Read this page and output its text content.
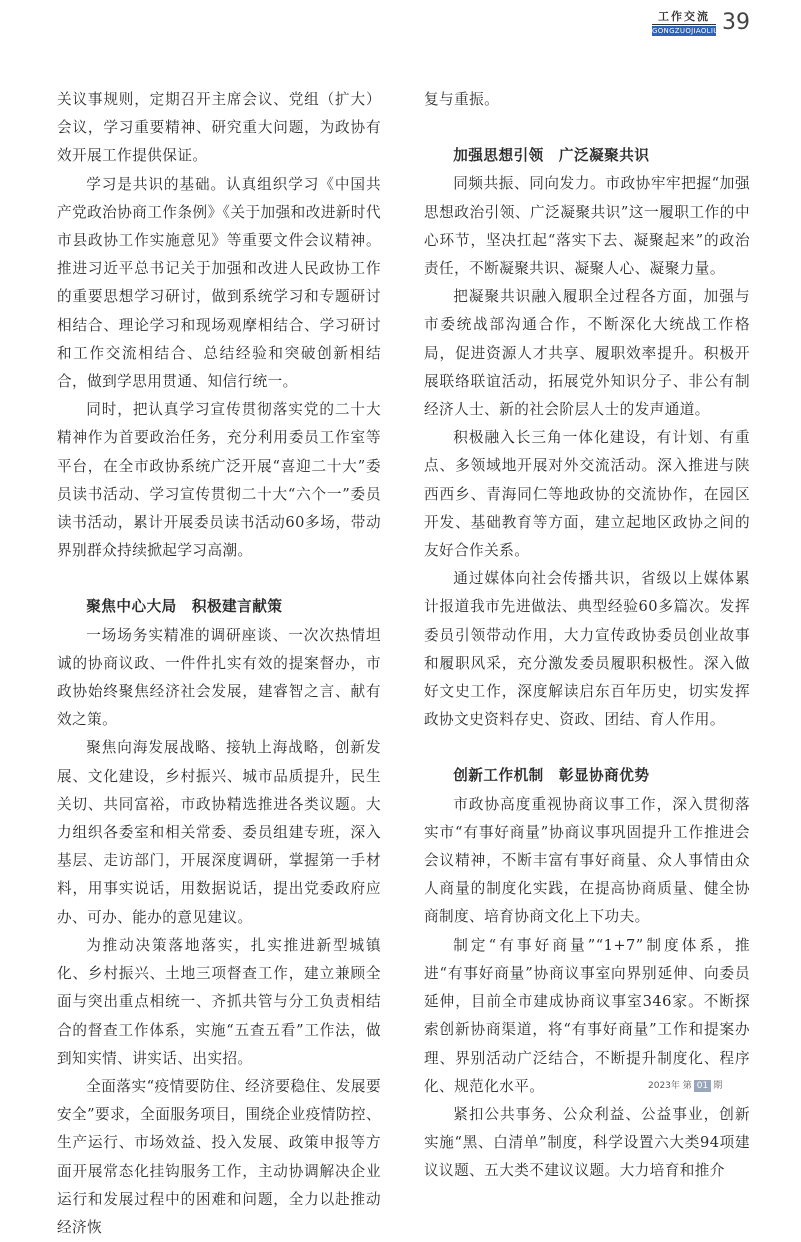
工作交流
GONGZUOJIAOLIU 39

关议事规则，定期召开主席会议、党组（扩大）会议，学习重要精神、研究重大问题，为政协有效开展工作提供保证。

学习是共识的基础。认真组织学习《中国共产党政治协商工作条例》《关于加强和改进新时代市县政协工作实施意见》等重要文件会议精神。推进习近平总书记关于加强和改进人民政协工作的重要思想学习研讨，做到系统学习和专题研讨相结合、理论学习和现场观摩相结合、学习研讨和工作交流相结合、总结经验和突破创新相结合，做到学思用贯通、知信行统一。

同时，把认真学习宣传贯彻落实党的二十大精神作为首要政治任务，充分利用委员工作室等平台，在全市政协系统广泛开展“喜迎二十大”委员读书活动、学习宣传贯彻二十大“六个一”委员读书活动，累计开展委员读书活动60多场，带动界别群众持续掀起学习高潮。

聚焦中心大局　积极建言献策

一场场务实精准的调研座谈、一次次热情坦诚的协商议政、一件件扎实有效的提案督办，市政协始终聚焦经济社会发展，建睿智之言、献有效之策。

聚焦向海发展战略、接轨上海战略，创新发展、文化建设，乡村振兴、城市品质提升，民生关切、共同富裕，市政协精选推进各类议题。大力组织各委室和相关常委、委员组建专班，深入基层、走访部门，开展深度调研，掌握第一手材料，用事实说话，用数据说话，提出党委政府应办、可办、能办的意见建议。

为推动决策落地落实，扎实推进新型城镇化、乡村振兴、土地三项督查工作，建立兼顾全面与突出重点相统一、齐抓共管与分工负责相结合的督查工作体系，实施“五查五看”工作法，做到知实情、讲实话、出实招。

全面落实“疫情要防住、经济要稳住、发展要安全”要求，全面服务项目，围绕企业疫情防控、生产运行、市场效益、投入发展、政策申报等方面开展常态化挂钩服务工作，主动协调解决企业运行和发展过程中的困难和问题，全力以赴推动经济恢

复与重振。

加强思想引领　广泛凝聚共识

同频共振、同向发力。市政协牢牢把握“加强思想政治引领、广泛凝聚共识”这一履职工作的中心环节，坚决扛起“落实下去、凝聚起来”的政治责任，不断凝聚共识、凝聚人心、凝聚力量。

把凝聚共识融入履职全过程各方面，加强与市委统战部沟通合作，不断深化大统战工作格局，促进资源人才共享、履职效率提升。积极开展联络联谊活动，拓展党外知识分子、非公有制经济人士、新的社会阶层人士的发声通道。

积极融入长三角一体化建设，有计划、有重点、多领域地开展对外交流活动。深入推进与陕西西乡、青海同仁等地政协的交流协作，在园区开发、基础教育等方面，建立起地区政协之间的友好合作关系。

通过媒体向社会传播共识，省级以上媒体累计报道我市先进做法、典型经验60多篇次。发挥委员引领带动作用，大力宣传政协委员创业故事和履职风采，充分激发委员履职积极性。深入做好文史工作，深度解读启东百年历史，切实发挥政协文史资料存史、资政、团结、育人作用。

创新工作机制　彰显协商优势

市政协高度重视协商议事工作，深入贯彻落实市“有事好商量”协商议事巩固提升工作推进会会议精神，不断丰富有事好商量、众人事情由众人商量的制度化实践，在提高协商质量、健全协商制度、培育协商文化上下功夫。

制定“有事好商量”“1+7”制度体系，推进“有事好商量”协商议事室向界别延伸、向委员延伸，目前全市建成协商议事室346家。不断探索创新协商渠道，将“有事好商量”工作和提案办理、界别活动广泛结合，不断提升制度化、程序化、规范化水平。

紧扣公共事务、公众利益、公益事业，创新实施“黑、白清单”制度，科学设置六大类94项建议议题、五大类不建议议题。大力培育和推介

2023年 第 01 期
